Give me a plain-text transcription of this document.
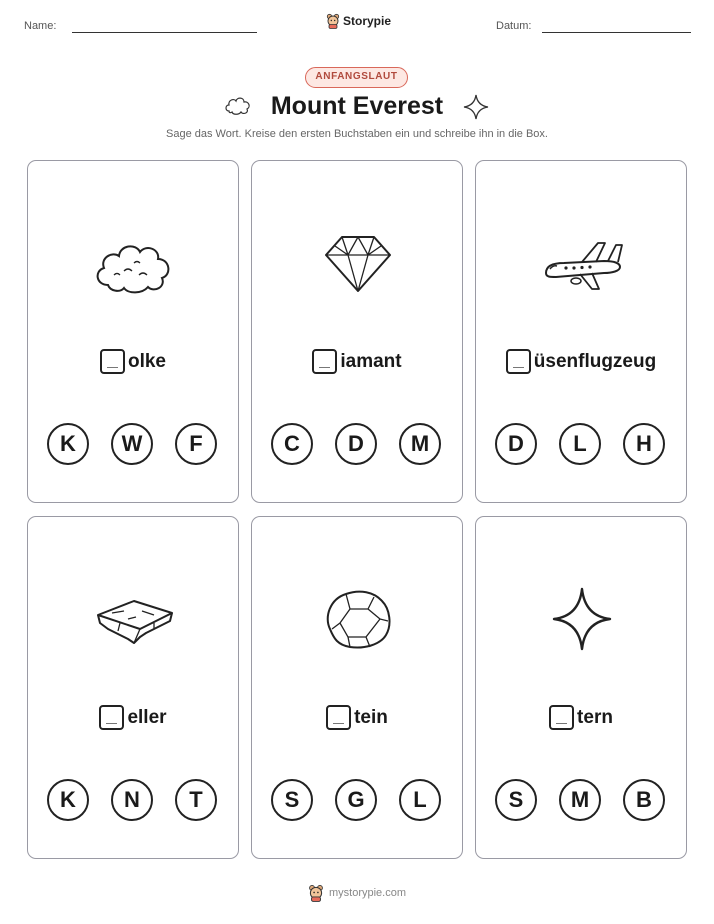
Name:	Storypie	Datum:
ANFANGSLAUT
Mount Everest
Sage das Wort. Kreise den ersten Buchstaben ein und schreibe ihn in die Box.
olke
K	W	F
iamant
C	D	M
üsenflugzeug
D	L	H
eller
K	N	T
tein
S	G	L
tern
S	M	B
mystorypie.com
